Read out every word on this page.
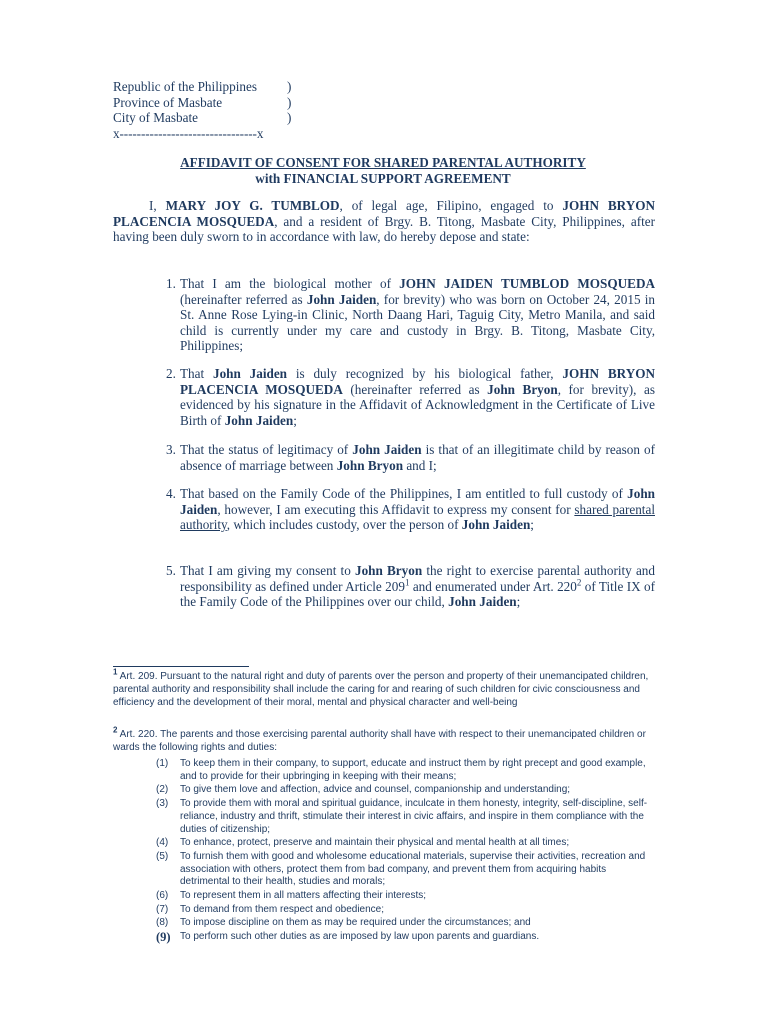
Republic of the Philippines	)
Province of Masbate	)
City of Masbate	)
x--------------------------------x
AFFIDAVIT OF CONSENT FOR SHARED PARENTAL AUTHORITY
with FINANCIAL SUPPORT AGREEMENT
I, MARY JOY G. TUMBLOD, of legal age, Filipino, engaged to JOHN BRYON PLACENCIA MOSQUEDA, and a resident of Brgy. B. Titong, Masbate City, Philippines, after having been duly sworn to in accordance with law, do hereby depose and state:
1. That I am the biological mother of JOHN JAIDEN TUMBLOD MOSQUEDA (hereinafter referred as John Jaiden, for brevity) who was born on October 24, 2015 in St. Anne Rose Lying-in Clinic, North Daang Hari, Taguig City, Metro Manila, and said child is currently under my care and custody in Brgy. B. Titong, Masbate City, Philippines;
2. That John Jaiden is duly recognized by his biological father, JOHN BRYON PLACENCIA MOSQUEDA (hereinafter referred as John Bryon, for brevity), as evidenced by his signature in the Affidavit of Acknowledgment in the Certificate of Live Birth of John Jaiden;
3. That the status of legitimacy of John Jaiden is that of an illegitimate child by reason of absence of marriage between John Bryon and I;
4. That based on the Family Code of the Philippines, I am entitled to full custody of John Jaiden, however, I am executing this Affidavit to express my consent for shared parental authority, which includes custody, over the person of John Jaiden;
5. That I am giving my consent to John Bryon the right to exercise parental authority and responsibility as defined under Article $209^1$ and enumerated under Art. $220^2$ of Title IX of the Family Code of the Philippines over our child, John Jaiden;
$^1$ Art. 209. Pursuant to the natural right and duty of parents over the person and property of their unemancipated children, parental authority and responsibility shall include the caring for and rearing of such children for civic consciousness and efficiency and the development of their moral, mental and physical character and well-being
$^2$ Art. 220. The parents and those exercising parental authority shall have with respect to their unemancipated children or wards the following rights and duties:
(1)	To keep them in their company, to support, educate and instruct them by right precept and good example, and to provide for their upbringing in keeping with their means;
(2)	To give them love and affection, advice and counsel, companionship and understanding;
(3)	To provide them with moral and spiritual guidance, inculcate in them honesty, integrity, self-discipline, self-reliance, industry and thrift, stimulate their interest in civic affairs, and inspire in them compliance with the duties of citizenship;
(4)	To enhance, protect, preserve and maintain their physical and mental health at all times;
(5)	To furnish them with good and wholesome educational materials, supervise their activities, recreation and association with others, protect them from bad company, and prevent them from acquiring habits detrimental to their health, studies and morals;
(6)	To represent them in all matters affecting their interests;
(7)	To demand from them respect and obedience;
(8)	To impose discipline on them as may be required under the circumstances; and
(9) To perform such other duties as are imposed by law upon parents and guardians.
